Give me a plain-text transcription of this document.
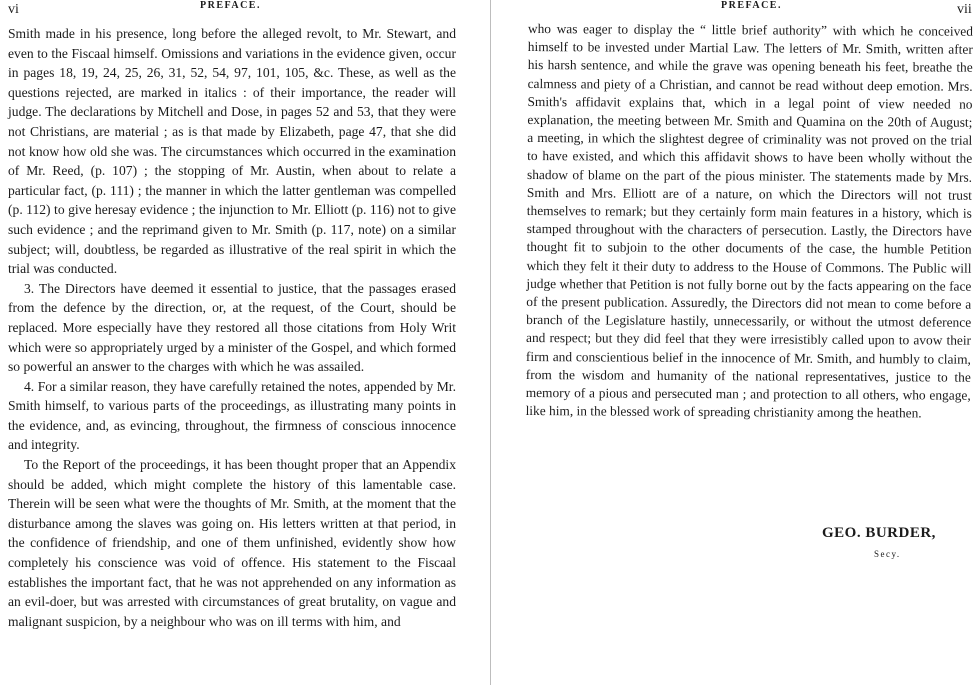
vi	PREFACE.

Smith made in his presence, long before the alleged revolt, to Mr. Stewart, and even to the Fiscaal himself. Omissions and variations in the evidence given, occur in pages 18, 19, 24, 25, 26, 31, 52, 54, 97, 101, 105, &c. These, as well as the questions rejected, are marked in italics : of their importance, the reader will judge. The declarations by Mitchell and Dose, in pages 52 and 53, that they were not Christians, are material ; as is that made by Elizabeth, page 47, that she did not know how old she was. The circumstances which occurred in the examination of Mr. Reed, (p. 107) ; the stopping of Mr. Austin, when about to relate a particular fact, (p. 111) ; the manner in which the latter gentleman was compelled (p. 112) to give heresay evidence ; the injunction to Mr. Elliott (p. 116) not to give such evidence ; and the reprimand given to Mr. Smith (p. 117, note) on a similar subject; will, doubtless, be regarded as illustrative of the real spirit in which the trial was conducted.

3. The Directors have deemed it essential to justice, that the passages erased from the defence by the direction, or, at the request, of the Court, should be replaced. More especially have they restored all those citations from Holy Writ which were so appropriately urged by a minister of the Gospel, and which formed so powerful an answer to the charges with which he was assailed.

4. For a similar reason, they have carefully retained the notes, appended by Mr. Smith himself, to various parts of the proceedings, as illustrating many points in the evidence, and, as evincing, throughout, the firmness of conscious innocence and integrity.

To the Report of the proceedings, it has been thought proper that an Appendix should be added, which might complete the history of this lamentable case. Therein will be seen what were the thoughts of Mr. Smith, at the moment that the disturbance among the slaves was going on. His letters written at that period, in the confidence of friendship, and one of them unfinished, evidently show how completely his conscience was void of offence. His statement to the Fiscaal establishes the important fact, that he was not apprehended on any information as an evil-doer, but was arrested with circumstances of great brutality, on vague and malignant suspicion, by a neighbour who was on ill terms with him, and

PREFACE.	vii

who was eager to display the “ little brief authority” with which he conceived himself to be invested under Martial Law. The letters of Mr. Smith, written after his harsh sentence, and while the grave was opening beneath his feet, breathe the calmness and piety of a Christian, and cannot be read without deep emotion. Mrs. Smith's affidavit explains that, which in a legal point of view needed no explanation, the meeting between Mr. Smith and Quamina on the 20th of August; a meeting, in which the slightest degree of criminality was not proved on the trial to have existed, and which this affidavit shows to have been wholly without the shadow of blame on the part of the pious minister. The statements made by Mrs. Smith and Mrs. Elliott are of a nature, on which the Directors will not trust themselves to remark; but they certainly form main features in a history, which is stamped throughout with the characters of persecution. Lastly, the Directors have thought fit to subjoin to the other documents of the case, the humble Petition which they felt it their duty to address to the House of Commons. The Public will judge whether that Petition is not fully borne out by the facts appearing on the face of the present publication. Assuredly, the Directors did not mean to come before a branch of the Legislature hastily, unnecessarily, or without the utmost deference and respect; but they did feel that they were irresistibly called upon to avow their firm and conscientious belief in the innocence of Mr. Smith, and humbly to claim, from the wisdom and humanity of the national representatives, justice to the memory of a pious and persecuted man ; and protection to all others, who engage, like him, in the blessed work of spreading christianity among the heathen.

GEO. BURDER,
Secy.
